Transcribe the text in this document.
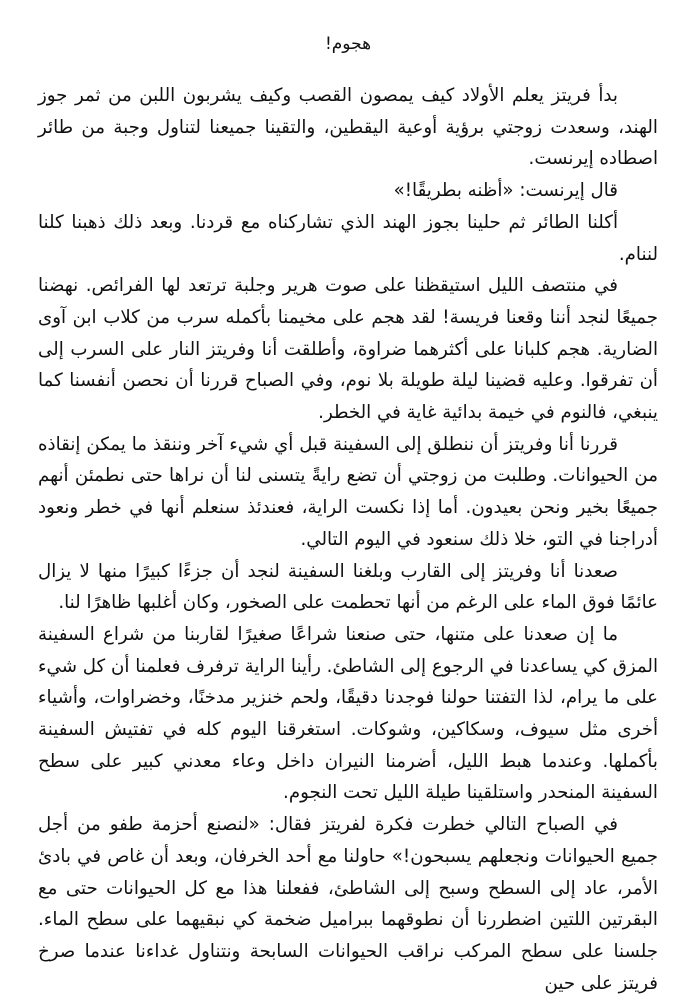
هجوم!

بدأ فريتز يعلم الأولاد كيف يمصون القصب وكيف يشربون اللبن من ثمر جوز الهند، وسعدت زوجتي برؤية أوعية اليقطين، والتقينا جميعنا لتناول وجبة من طائر اصطاده إيرنست.

قال إيرنست: «أظنه بطريقًا!»

أكلنا الطائر ثم حلينا بجوز الهند الذي تشاركناه مع قردنا. وبعد ذلك ذهبنا كلنا لننام.

في منتصف الليل استيقظنا على صوت هرير وجلبة ترتعد لها الفرائص. نهضنا جميعًا لنجد أننا وقعنا فريسة! لقد هجم على مخيمنا بأكمله سرب من كلاب ابن آوى الضارية. هجم كلبانا على أكثرهما ضراوة، وأطلقت أنا وفريتز النار على السرب إلى أن تفرقوا. وعليه قضينا ليلة طويلة بلا نوم، وفي الصباح قررنا أن نحصن أنفسنا كما ينبغي، فالنوم في خيمة بدائية غاية في الخطر.

قررنا أنا وفريتز أن ننطلق إلى السفينة قبل أي شيء آخر وننقذ ما يمكن إنقاذه من الحيوانات. وطلبت من زوجتي أن تضع رايةً يتسنى لنا أن نراها حتى نطمئن أنهم جميعًا بخير ونحن بعيدون. أما إذا نكست الراية، فعندئذ سنعلم أنها في خطر ونعود أدراجنا في التو، خلا ذلك سنعود في اليوم التالي.

صعدنا أنا وفريتز إلى القارب وبلغنا السفينة لنجد أن جزءًا كبيرًا منها لا يزال عائمًا فوق الماء على الرغم من أنها تحطمت على الصخور، وكان أغلبها ظاهرًا لنا.

ما إن صعدنا على متنها، حتى صنعنا شراعًا صغيرًا لقاربنا من شراع السفينة المزق كي يساعدنا في الرجوع إلى الشاطئ. رأينا الراية ترفرف فعلمنا أن كل شيء على ما يرام، لذا التفتنا حولنا فوجدنا دقيقًا، ولحم خنزير مدخنًا، وخضراوات، وأشياء أخرى مثل سيوف، وسكاكين، وشوكات. استغرقنا اليوم كله في تفتيش السفينة بأكملها. وعندما هبط الليل، أضرمنا النيران داخل وعاء معدني كبير على سطح السفينة المنحدر واستلقينا طيلة الليل تحت النجوم.

في الصباح التالي خطرت فكرة لفريتز فقال: «لنصنع أحزمة طفو من أجل جميع الحيوانات ونجعلهم يسبحون!» حاولنا مع أحد الخرفان، وبعد أن غاص في بادئ الأمر، عاد إلى السطح وسبح إلى الشاطئ، ففعلنا هذا مع كل الحيوانات حتى مع البقرتين اللتين اضطررنا أن نطوقهما ببراميل ضخمة كي نبقيهما على سطح الماء. جلسنا على سطح المركب نراقب الحيوانات السابحة ونتناول غداءنا عندما صرخ فريتز على حين
